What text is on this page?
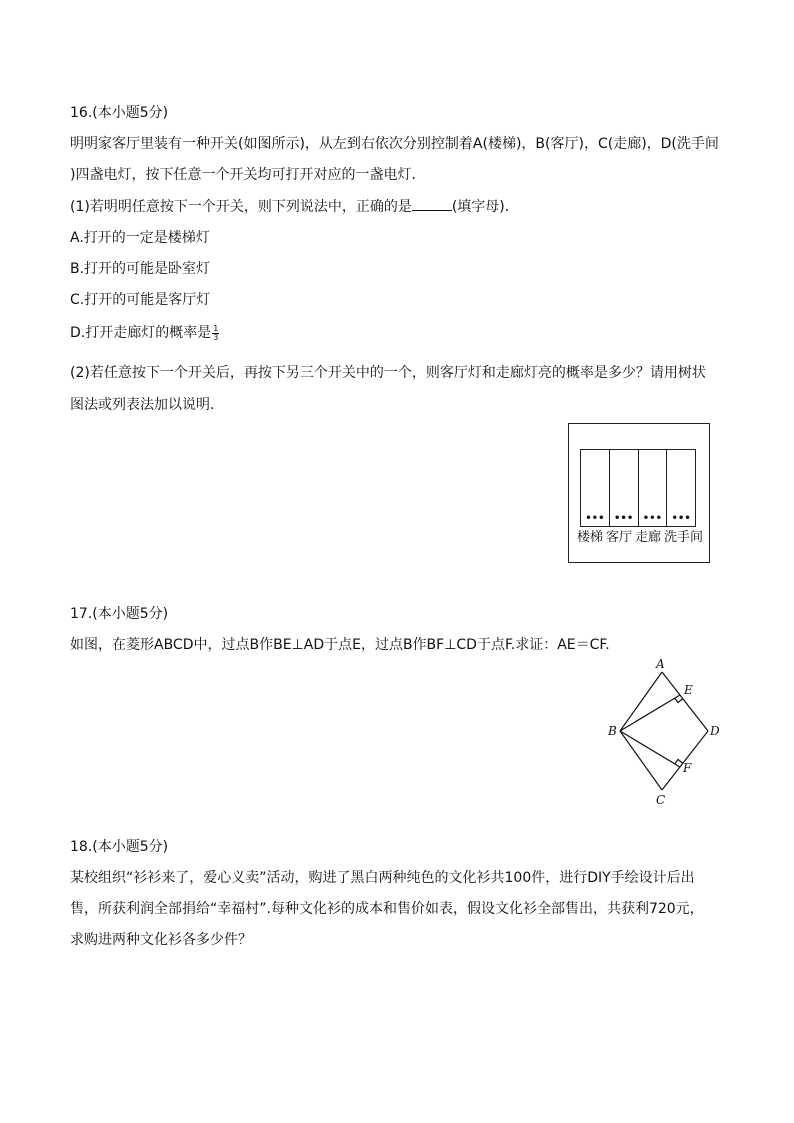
16.(本小题5分)
明明家客厅里装有一种开关(如图所示)，从左到右依次分别控制着A(楼梯)，B(客厅)，C(走廊)，D(洗手间
)四盏电灯，按下任意一个开关均可打开对应的一盏电灯．
(1)若明明任意按下一个开关，则下列说法中，正确的是	(填字母)．
A.打开的一定是楼梯灯
B.打开的可能是卧室灯
C.打开的可能是客厅灯
D.打开走廊灯的概率是 $\frac{1}{3}$
(2)若任意按下一个开关后，再按下另三个开关中的一个，则客厅灯和走廊灯亮的概率是多少？请用树状
图法或列表法加以说明．
••• ••• ••• •••
楼梯 客厅 走廊 洗手间
17.(本小题5分)
如图，在菱形ABCD中，过点B作BE⊥AD于点E，过点B作BF⊥CD于点F.求证：AE＝CF.
A
B
C
D
E
F
18.(本小题5分)
某校组织“衫衫来了，爱心义卖”活动，购进了黑白两种纯色的文化衫共100件，进行DIY手绘设计后出
售，所获利润全部捐给“幸福村”.每种文化衫的成本和售价如表，假设文化衫全部售出，共获利720元，
求购进两种文化衫各多少件？
